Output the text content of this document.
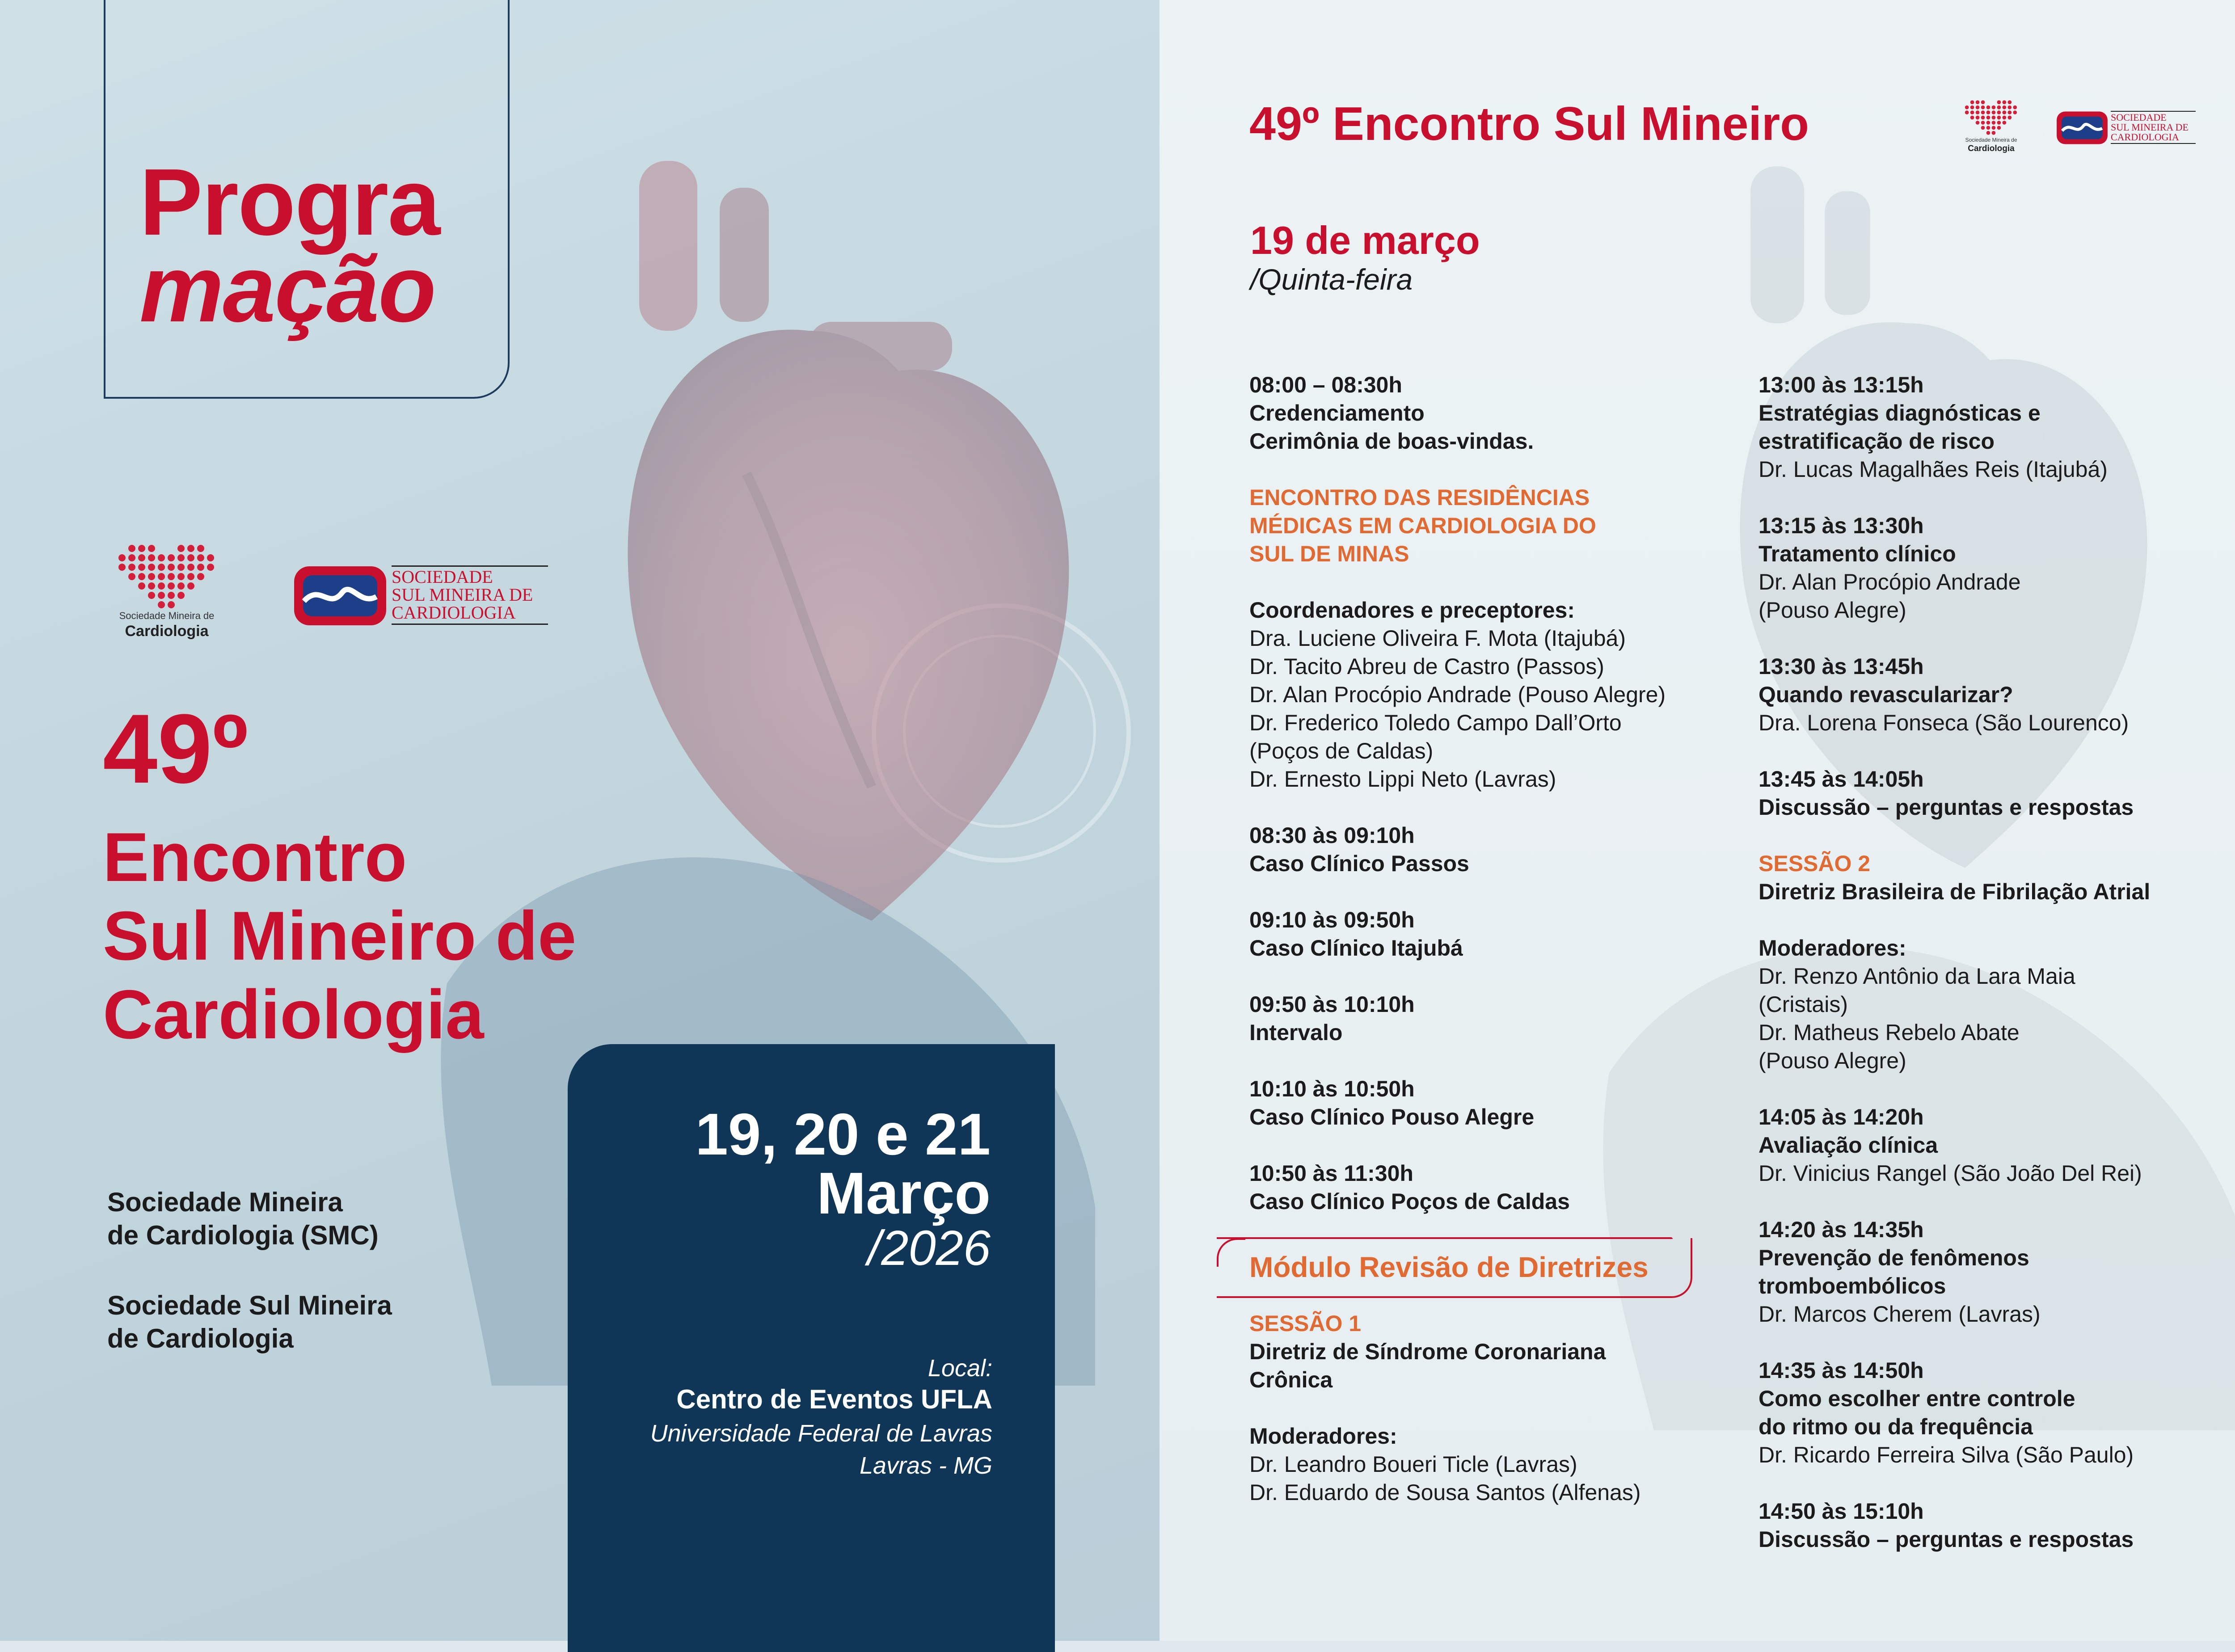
Progra
mação
Sociedade Mineira de
Cardiologia
SOCIEDADE
SUL MINEIRA DE
CARDIOLOGIA
49º
Encontro
Sul Mineiro de
Cardiologia
Sociedade Mineira
de Cardiologia (SMC)
Sociedade Sul Mineira
de Cardiologia
19, 20 e 21
Março
/2026
Local:
Centro de Eventos UFLA
Universidade Federal de Lavras
Lavras - MG
49º Encontro Sul Mineiro	Sociedade Mineira de
Cardiologia
SOCIEDADE
SUL MINEIRA DE
CARDIOLOGIA
19 de março
/Quinta-feira
08:00 – 08:30h
Credenciamento
Cerimônia de boas-vindas.
ENCONTRO DAS RESIDÊNCIAS
MÉDICAS EM CARDIOLOGIA DO
SUL DE MINAS
Coordenadores e preceptores:
Dra. Luciene Oliveira F. Mota (Itajubá)
Dr. Tacito Abreu de Castro (Passos)
Dr. Alan Procópio Andrade (Pouso Alegre)
Dr. Frederico Toledo Campo Dall’Orto
(Poços de Caldas)
Dr. Ernesto Lippi Neto (Lavras)
08:30 às 09:10h
Caso Clínico Passos
09:10 às 09:50h
Caso Clínico Itajubá
09:50 às 10:10h
Intervalo
10:10 às 10:50h
Caso Clínico Pouso Alegre
10:50 às 11:30h
Caso Clínico Poços de Caldas
Módulo Revisão de Diretrizes
SESSÃO 1
Diretriz de Síndrome Coronariana
Crônica
Moderadores:
Dr. Leandro Boueri Ticle (Lavras)
Dr. Eduardo de Sousa Santos (Alfenas)
13:00 às 13:15h
Estratégias diagnósticas e
estratificação de risco
Dr. Lucas Magalhães Reis (Itajubá)
13:15 às 13:30h
Tratamento clínico
Dr. Alan Procópio Andrade
(Pouso Alegre)
13:30 às 13:45h
Quando revascularizar?
Dra. Lorena Fonseca (São Lourenco)
13:45 às 14:05h
Discussão – perguntas e respostas
SESSÃO 2
Diretriz Brasileira de Fibrilação Atrial
Moderadores:
Dr. Renzo Antônio da Lara Maia
(Cristais)
Dr. Matheus Rebelo Abate
(Pouso Alegre)
14:05 às 14:20h
Avaliação clínica
Dr. Vinicius Rangel (São João Del Rei)
14:20 às 14:35h
Prevenção de fenômenos
tromboembólicos
Dr. Marcos Cherem (Lavras)
14:35 às 14:50h
Como escolher entre controle
do ritmo ou da frequência
Dr. Ricardo Ferreira Silva (São Paulo)
14:50 às 15:10h
Discussão – perguntas e respostas
